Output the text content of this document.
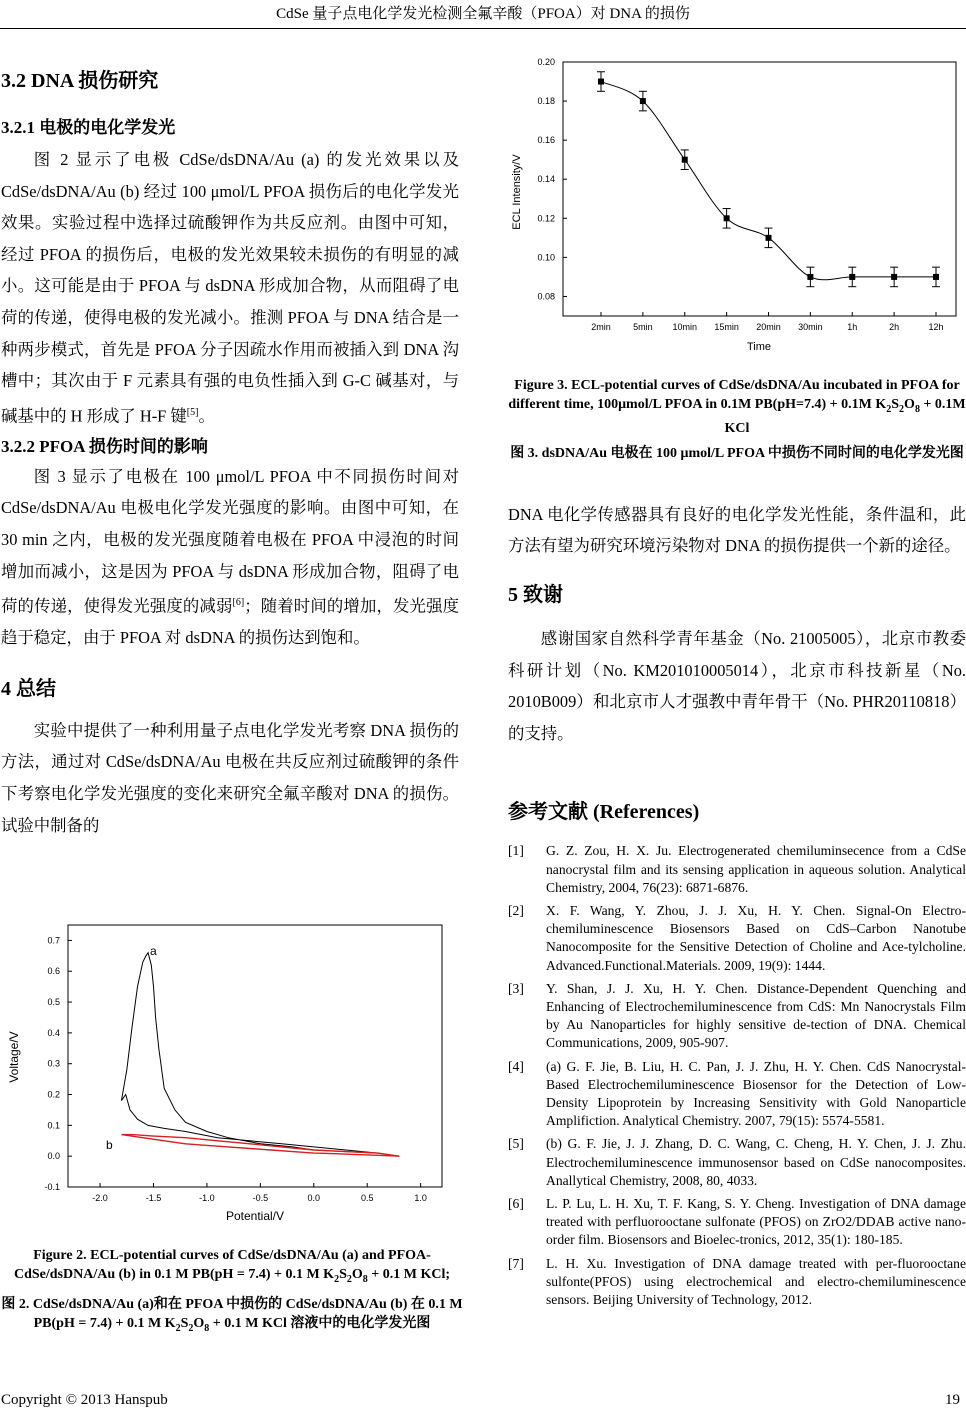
CdSe 量子点电化学发光检测全氟辛酸（PFOA）对 DNA 的损伤
3.2 DNA 损伤研究
3.2.1 电极的电化学发光

图 2 显示了电极 CdSe/dsDNA/Au (a) 的发光效果以及 CdSe/dsDNA/Au (b) 经过 100 μmol/L PFOA 损伤后的电化学发光效果。实验过程中选择过硫酸钾作为共反应剂。由图中可知，经过 PFOA 的损伤后，电极的发光效果较未损伤的有明显的减小。这可能是由于 PFOA 与 dsDNA 形成加合物，从而阻碍了电荷的传递，使得电极的发光减小。推测 PFOA 与 DNA 结合是一种两步模式，首先是 PFOA 分子因疏水作用而被插入到 DNA 沟槽中；其次由于 F 元素具有强的电负性插入到 G-C 碱基对，与碱基中的 H 形成了 H-F 键[5]。

3.2.2 PFOA 损伤时间的影响

图 3 显示了电极在 100 μmol/L PFOA 中不同损伤时间对 CdSe/dsDNA/Au 电极电化学发光强度的影响。由图中可知，在 30 min 之内，电极的发光强度随着电极在 PFOA 中浸泡的时间增加而减小，这是因为 PFOA 与 dsDNA 形成加合物，阻碍了电荷的传递，使得发光强度的减弱[6]；随着时间的增加，发光强度趋于稳定，由于 PFOA 对 dsDNA 的损伤达到饱和。

4 总结

实验中提供了一种利用量子点电化学发光考察 DNA 损伤的方法，通过对 CdSe/dsDNA/Au 电极在共反应剂过硫酸钾的条件下考察电化学发光强度的变化来研究全氟辛酸对 DNA 的损伤。试验中制备的

-2.0	-1.5	-1.0	-0.5	0.0	0.5	1.0
-0.1
0.0
0.1
0.2
0.3
0.4
0.5
0.6
0.7
Voltage/V
Potential/V
a
b
Figure 2. ECL-potential curves of CdSe/dsDNA/Au (a) and PFOA-CdSe/dsDNA/Au (b) in 0.1 M PB(pH = 7.4) + 0.1 M $K_2S_2O_8 + 0.1$ M KCl;
图 2. CdSe/dsDNA/Au (a)和在 PFOA 中损伤的 CdSe/dsDNA/Au (b) 在 0.1 M PB(pH = 7.4) + 0.1 M $K_2S_2O_8 + 0.1$ M KCl 溶液中的电化学发光图
2min 5min 10min 15min 20min 30min	1h	2h	12h
0.08
0.10
0.12
0.14
0.16
0.18
0.20
ECL Intensity/V
Time
Figure 3. ECL-potential curves of CdSe/dsDNA/Au incubated in PFOA for different time, 100μmol/L PFOA in 0.1M PB(pH=7.4) + 0.1M $K_2S_2O_8 + 0.1M$ KCl
图 3. dsDNA/Au 电极在 100 μmol/L PFOA 中损伤不同时间的电化学发光图

DNA 电化学传感器具有良好的电化学发光性能，条件温和，此方法有望为研究环境污染物对 DNA 的损伤提供一个新的途径。

5 致谢

感谢国家自然科学青年基金（No. 21005005），北京市教委科研计划（No. KM201010005014），北京市科技新星（No. 2010B009）和北京市人才强教中青年骨干（No. PHR20110818）的支持。

参考文献 (References)
[1] G. Z. Zou, H. X. Ju. Electrogenerated chemiluminsecence from a CdSe nanocrystal film and its sensing application in aqueous solution. Analytical Chemistry, 2004, 76(23): 6871-6876.
[2] X. F. Wang, Y. Zhou, J. J. Xu, H. Y. Chen. Signal-On Electro-chemiluminescence Biosensors Based on CdS–Carbon Nanotube Nanocomposite for the Sensitive Detection of Choline and Ace-tylcholine. Advanced.Functional.Materials. 2009, 19(9): 1444.
[3] Y. Shan, J. J. Xu, H. Y. Chen. Distance-Dependent Quenching and Enhancing of Electrochemiluminescence from CdS: Mn Nanocrystals Film by Au Nanoparticles for highly sensitive de-tection of DNA. Chemical Communications, 2009, 905-907.
[4] (a) G. F. Jie, B. Liu, H. C. Pan, J. J. Zhu, H. Y. Chen. CdS Nanocrystal-Based Electrochemiluminescence Biosensor for the Detection of Low-Density Lipoprotein by Increasing Sensitivity with Gold Nanoparticle Amplifiction. Analytical Chemistry. 2007, 79(15): 5574-5581.
[5] (b) G. F. Jie, J. J. Zhang, D. C. Wang, C. Cheng, H. Y. Chen, J. J. Zhu. Electrochemiluminescence immunosensor based on CdSe nanocomposites. Anallytical Chemistry, 2008, 80, 4033.
[6] L. P. Lu, L. H. Xu, T. F. Kang, S. Y. Cheng. Investigation of DNA damage treated with perfluorooctane sulfonate (PFOS) on ZrO2/DDAB active nano-order film. Biosensors and Bioelec-tronics, 2012, 35(1): 180-185.
[7] L. H. Xu. Investigation of DNA damage treated with per-fluorooctane sulfonte(PFOS) using electrochemical and electro-chemiluminescence sensors. Beijing University of Technology, 2012.
Copyright © 2013 Hanspub	19
